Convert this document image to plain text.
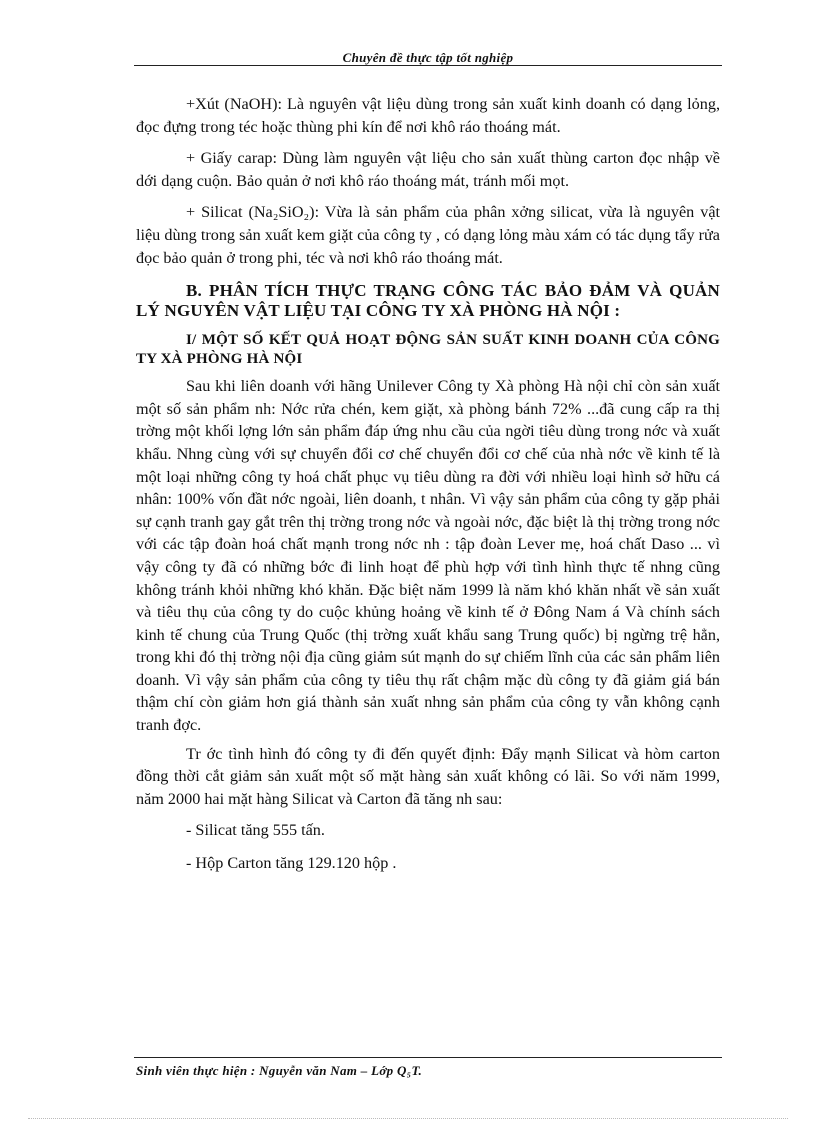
Chuyên đề thực tập tốt nghiệp

+Xút (NaOH): Là nguyên vật liệu dùng trong sản xuất kinh doanh có dạng lỏng, đọc đựng trong téc hoặc thùng phi kín để nơi khô ráo thoáng mát.

+ Giấy carap: Dùng làm nguyên vật liệu cho sản xuất thùng carton đọc nhập về dới dạng cuộn. Bảo quản ở nơi khô ráo thoáng mát, tránh mối mọt.

+ Silicat (Na₂SiO₂): Vừa là sản phẩm của phân xởng silicat, vừa là nguyên vật liệu dùng trong sản xuất kem giặt của công ty , có dạng lỏng màu xám có tác dụng tẩy rửa đọc bảo quản ở trong phi, téc và nơi khô ráo thoáng mát.

B. PHÂN TÍCH THỰC TRẠNG CÔNG TÁC BẢO ĐẢM VÀ QUẢN LÝ NGUYÊN VẬT LIỆU TẠI CÔNG TY XÀ PHÒNG HÀ NỘI :
I/ MỘT SỐ KẾT QUẢ HOẠT ĐỘNG SẢN SUẤT KINH DOANH CỦA CÔNG TY XÀ PHÒNG HÀ NỘI

Sau khi liên doanh với hãng Unilever Công ty Xà phòng Hà nội chỉ còn sản xuất một số sản phẩm nh: Nớc rửa chén, kem giặt, xà phòng bánh 72% ...đã cung cấp ra thị trờng một khối lợng lớn sản phẩm đáp ứng nhu cầu của ngời tiêu dùng trong nớc và xuất khẩu. Nhng cùng với sự chuyển đổi cơ chế chuyển đổi cơ chế của nhà nớc về kinh tế là một loại những công ty hoá chất phục vụ tiêu dùng ra đời với nhiều loại hình sở hữu cá nhân: 100% vốn đầt nớc ngoài, liên doanh, t nhân. Vì vậy sản phẩm của công ty gặp phải sự cạnh tranh gay gắt trên thị trờng trong nớc và ngoài nớc, đặc biệt là thị trờng trong nớc với các tập đoàn hoá chất mạnh trong nớc nh : tập đoàn Lever mẹ, hoá chất Daso ... vì vậy công ty đã có những bớc đi linh hoạt để phù hợp với tình hình thực tế nhng cũng không tránh khỏi những khó khăn. Đặc biệt năm 1999 là năm khó khăn nhất về sản xuất và tiêu thụ của công ty do cuộc khủng hoảng về kinh tế ở Đông Nam á Và chính sách kinh tế chung của Trung Quốc (thị trờng xuất khẩu sang Trung quốc) bị ngừng trệ hẳn, trong khi đó thị trờng nội địa cũng giảm sút mạnh do sự chiếm lĩnh của các sản phẩm liên doanh. Vì vậy sản phẩm của công ty tiêu thụ rất chậm mặc dù công ty đã giảm giá bán thậm chí còn giảm hơn giá thành sản xuất nhng sản phẩm của công ty vẫn không cạnh tranh đợc.

Tr ớc tình hình đó công ty đi đến quyết định: Đẩy mạnh Silicat và hòm carton đồng thời cắt giảm sản xuất một số mặt hàng sản xuất không có lãi. So với năm 1999, năm 2000 hai mặt hàng Silicat và Carton đã tăng nh sau:

- Silicat tăng 555 tấn.
- Hộp Carton tăng 129.120 hộp .
Sinh viên thực hiện : Nguyễn văn Nam – Lớp Q₅T.
